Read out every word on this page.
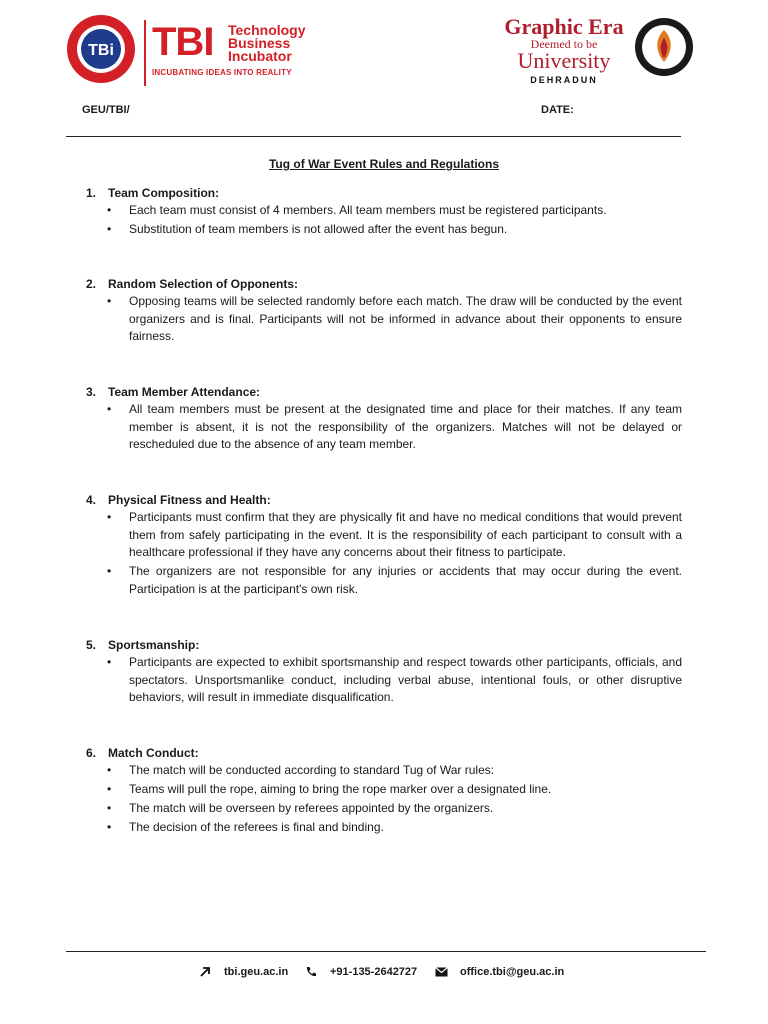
TBi TBI Technology
Business
Incubator
INCUBATING IDEAS INTO REALITY
Graphic Era
Deemed to be
University
DEHRADUN
GEU/TBI/	DATE:
Tug of War Event Rules and Regulations
1. Team Composition:
• Each team must consist of 4 members. All team members must be registered participants.
• Substitution of team members is not allowed after the event has begun.
2. Random Selection of Opponents:
• Opposing teams will be selected randomly before each match. The draw will be conducted by the event organizers and is final. Participants will not be informed in advance about their opponents to ensure fairness.
3. Team Member Attendance:
• All team members must be present at the designated time and place for their matches. If any team member is absent, it is not the responsibility of the organizers. Matches will not be delayed or rescheduled due to the absence of any team member.
4. Physical Fitness and Health:
• Participants must confirm that they are physically fit and have no medical conditions that would prevent them from safely participating in the event. It is the responsibility of each participant to consult with a healthcare professional if they have any concerns about their fitness to participate.
• The organizers are not responsible for any injuries or accidents that may occur during the event. Participation is at the participant's own risk.
5. Sportsmanship:
• Participants are expected to exhibit sportsmanship and respect towards other participants, officials, and spectators. Unsportsmanlike conduct, including verbal abuse, intentional fouls, or other disruptive behaviors, will result in immediate disqualification.
6. Match Conduct:
• The match will be conducted according to standard Tug of War rules:
• Teams will pull the rope, aiming to bring the rope marker over a designated line.
• The match will be overseen by referees appointed by the organizers.
• The decision of the referees is final and binding.
tbi.geu.ac.in	+91-135-2642727	office.tbi@geu.ac.in
